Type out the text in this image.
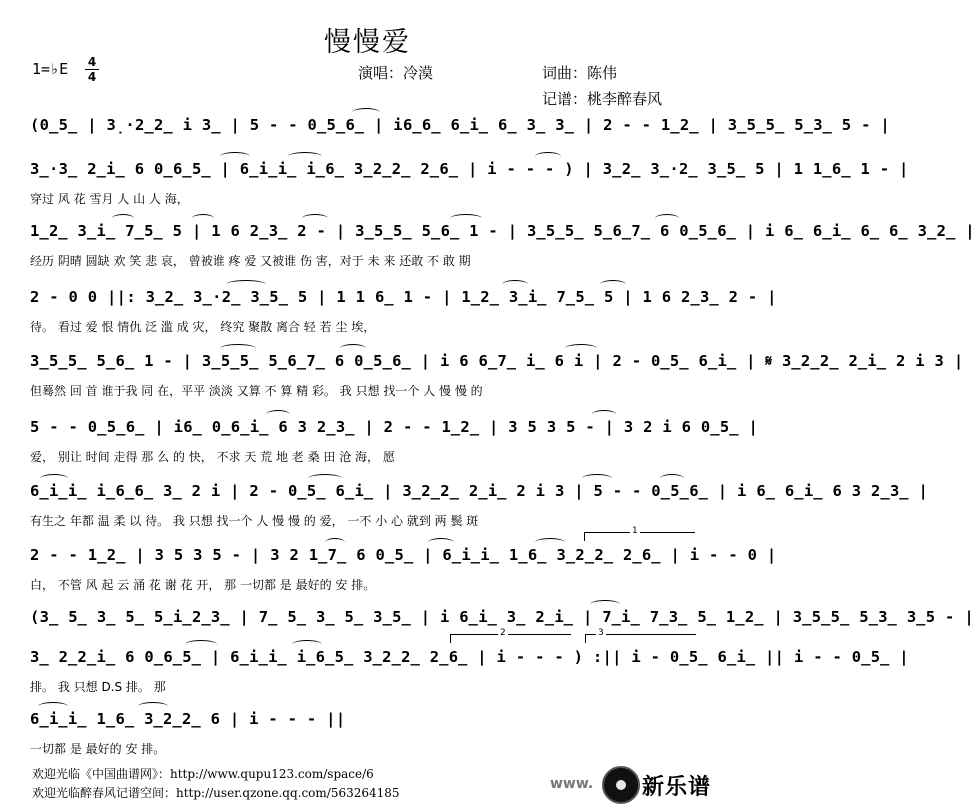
慢慢爱
1=♭E 4
4	演唱：冷漠	词曲：陈伟
记谱：桃李醉春风
(0̲5̲ | 3̣·2̲2̲ i 3̲ | 5 - - 0̲5̲6̲ | i6̲6̲ 6̲i̲ 6̲ 3̲ 3̲ | 2 - - 1̲2̲ | 3̲5̲5̲ 5̲3̲ 5 - |
3̲·3̲ 2̲i̲ 6 0̲6̲5̲ | 6̲i̲i̲ i̲6̲ 3̲2̲2̲ 2̲6̲ | i - - - ) | 3̲2̲ 3̲·2̲ 3̲5̲ 5 | 1 1̲6̲ 1 - |
穿过 风 花 雪月 人 山 人 海，
1̲2̲ 3̲i̲ 7̲5̲ 5 | 1 6 2̲3̲ 2 - | 3̲5̲5̲ 5̲6̲ 1 - | 3̲5̲5̲ 5̲6̲7̲ 6 0̲5̲6̲ | i 6̲ 6̲i̲ 6̲ 6̲ 3̲2̲ |
经历 阴晴 圆缺 欢 笑 悲 哀， 曾被谁 疼 爱 又被谁 伤 害，对于 未 来 还敢 不 敢 期
2 - 0 0 ||: 3̲2̲ 3̲·2̲ 3̲5̲ 5 | 1 1 6̲ 1 - | 1̲2̲ 3̲i̲ 7̲5̲ 5 | 1 6 2̲3̲ 2 - |
待。 看过 爱 恨 情仇 泛 滥 成 灾， 终究 聚散 离合 轻 若 尘 埃，
3̲5̲5̲ 5̲6̲ 1 - | 3̲5̲5̲ 5̲6̲7̲ 6 0̲5̲6̲ | i 6 6̲7̲ i̲ 6 i | 2 - 0̲5̲ 6̲i̲ | 𝄋 3̲2̲2̲ 2̲i̲ 2 i 3 |
但蓦然 回 首 谁于我 同 在，平平 淡淡 又算 不 算 精 彩。 我 只想 找一个 人 慢 慢 的
5 - - 0̲5̲6̲ | i6̲ 0̲6̲i̲ 6 3 2̲3̲ | 2 - - 1̲2̲ | 3 5 3 5 - | 3 2 i 6 0̲5̲ |
爱， 别让 时间 走得 那 么 的 快， 不求 天 荒 地 老 桑 田 沧 海， 愿
6̲i̲i̲ i̲6̲6̲ 3̲ 2 i | 2 - 0̲5̲ 6̲i̲ | 3̲2̲2̲ 2̲i̲ 2 i 3 | 5 - - 0̲5̲6̲ | i 6̲ 6̲i̲ 6 3 2̲3̲ |
有生之 年都 温 柔 以 待。 我 只想 找一个 人 慢 慢 的 爱， 一不 小 心 就到 两 鬓 斑
2 - - 1̲2̲ | 3 5 3 5 - | 3 2 1̲7̲ 6 0̲5̲ | 6̲i̲i̲ 1̲6̲ 3̲2̲2̲ 2̲6̲ | i - - 0 |
白， 不管 风 起 云 涌 花 谢 花 开， 那 一切都 是 最好的 安 排。
1
(3̲ 5̲ 3̲ 5̲ 5̲i̲2̲3̲ | 7̲ 5̲ 3̲ 5̲ 3̲5̲ | i 6̲i̲ 3̲ 2̲i̲ | 7̲i̲ 7̲3̲ 5̲ 1̲2̲ | 3̲5̲5̲ 5̲3̲ 3̲5 - |
3̲ 2̲2̲i̲ 6 0̲6̲5̲ | 6̲i̲i̲ i̲6̲5̲ 3̲2̲2̲ 2̲6̲ | i - - - ) :|| i - 0̲5̲ 6̲i̲ || i - - 0̲5̲ |
排。 我 只想 D.S 排。 那
2	3
6̲i̲i̲ 1̲6̲ 3̲2̲2̲ 6 | i - - - ||
一切都 是 最好的 安 排。
欢迎光临《中国曲谱网》：http://www.qupu123.com/space/6
欢迎光临醉春风记谱空间：http://user.qzone.qq.com/563264185
www. 新乐谱
